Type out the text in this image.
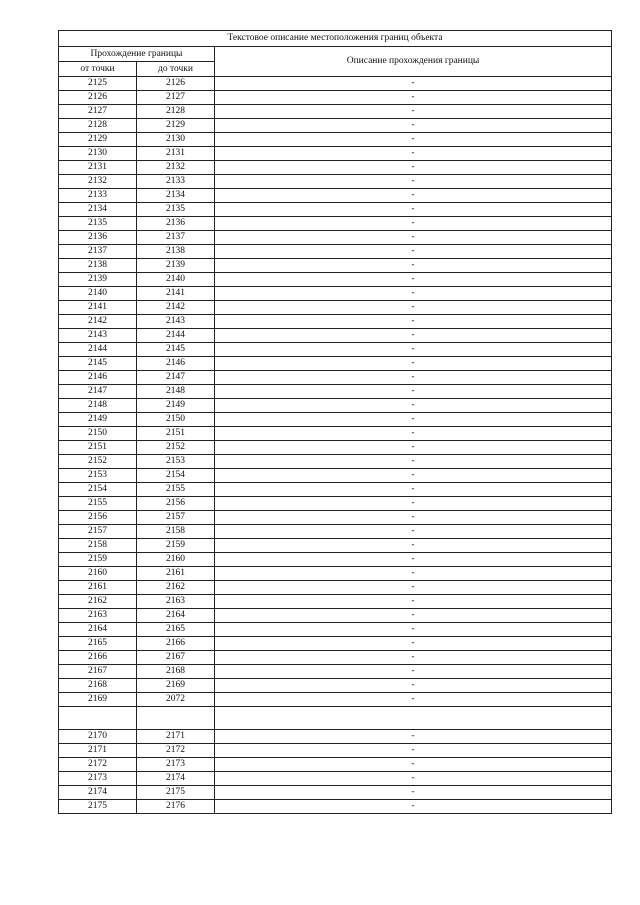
Текстовое описание местоположения границ объекта		
Прохождение границы		Описание прохождения границы
от точки	до точки	
2125	2126	-
2126	2127	-
2127	2128	-
2128	2129	-
2129	2130	-
2130	2131	-
2131	2132	-
2132	2133	-
2133	2134	-
2134	2135	-
2135	2136	-
2136	2137	-
2137	2138	-
2138	2139	-
2139	2140	-
2140	2141	-
2141	2142	-
2142	2143	-
2143	2144	-
2144	2145	-
2145	2146	-
2146	2147	-
2147	2148	-
2148	2149	-
2149	2150	-
2150	2151	-
2151	2152	-
2152	2153	-
2153	2154	-
2154	2155	-
2155	2156	-
2156	2157	-
2157	2158	-
2158	2159	-
2159	2160	-
2160	2161	-
2161	2162	-
2162	2163	-
2163	2164	-
2164	2165	-
2165	2166	-
2166	2167	-
2167	2168	-
2168	2169	-
2169	2072	-

2170	2171	-
2171	2172	-
2172	2173	-
2173	2174	-
2174	2175	-
2175	2176	-
